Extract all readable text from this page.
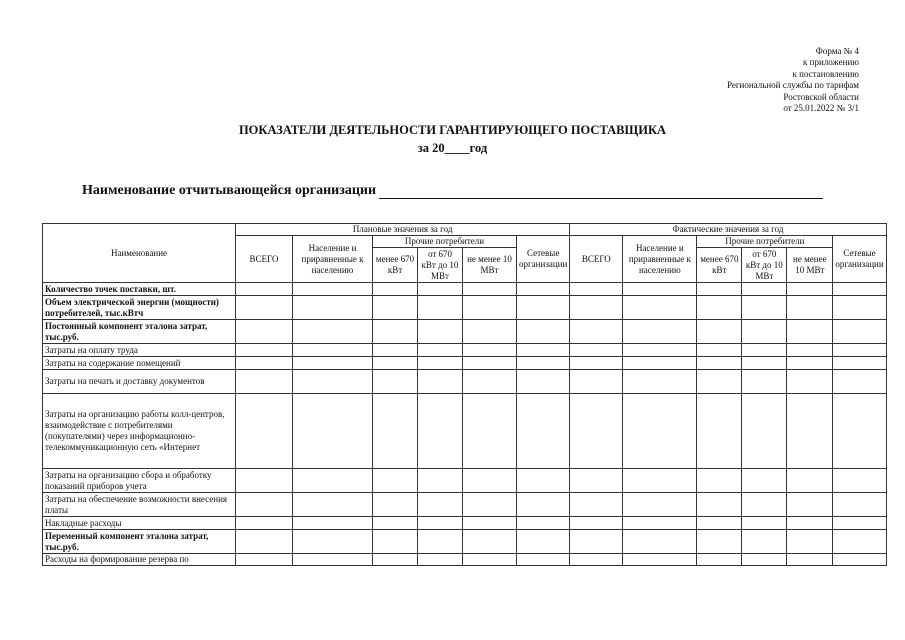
Форма № 4
к приложению
к постановлению
Региональной службы по тарифам
Ростовской области
от 25.01.2022 № 3/1
ПОКАЗАТЕЛИ ДЕЯТЕЛЬНОСТИ ГАРАНТИРУЮЩЕГО ПОСТАВЩИКА
за 20____год
Наименование отчитывающейся организации
Наименование	Плановые значения за год						Фактические значения за год					
	ВСЕГО	Население и приравненные к населению	Прочие потребители			Сетевые организации	ВСЕГО	Население и приравненные к населению	Прочие потребители			Сетевые организации
			менее 670 кВт	от 670 кВт до 10 МВт	не менее 10 МВт				менее 670 кВт	от 670 кВт до 10 МВт	не менее 10 МВт	
Количество точек поставки, шт.												
Объем электрической энергии (мощности) потребителей, тыс.кВтч												
Постоянный компонент эталона затрат, тыс.руб.												
Затраты на оплату труда												
Затраты на содержание помещений												
Затраты на печать и доставку документов												
Затраты на организацию работы колл-центров, взаимодействие с потребителями (покупателями) через информационно-телекоммуникационную сеть «Интернет												
Затраты на организацию сбора и обработку показаний приборов учета												
Затраты на обеспечение возможности внесения платы												
Накладные расходы												
Переменный компонент эталона затрат, тыс.руб.												
Расходы на формирование резерва по												
